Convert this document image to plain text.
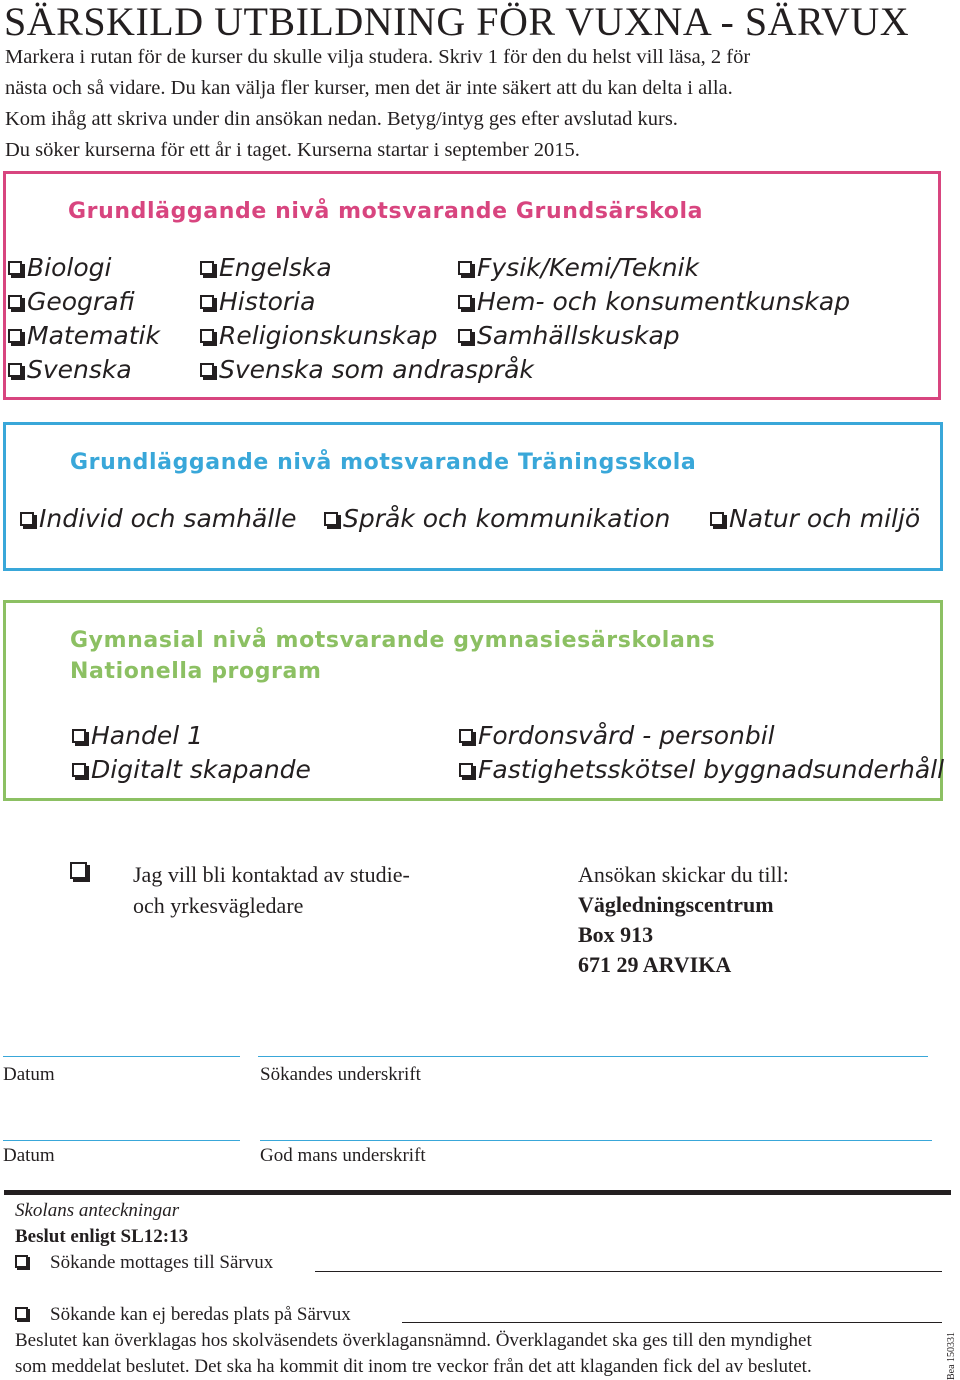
SÄRSKILD UTBILDNING FÖR VUXNA - SÄRVUX
Markera i rutan för de kurser du skulle vilja studera. Skriv 1 för den du helst vill läsa, 2 för
nästa och så vidare. Du kan välja fler kurser, men det är inte säkert att du kan delta i alla.
Kom ihåg att skriva under din ansökan nedan. Betyg/intyg ges efter avslutad kurs.
Du söker kurserna för ett år i taget. Kurserna startar i september 2015.
Grundläggande nivå motsvarande Grundsärskola
Biologi	Engelska	Fysik/Kemi/Teknik
Geografi	Historia	Hem- och konsumentkunskap
Matematik	Religionskunskap	Samhällskuskap
Svenska	Svenska som andraspråk
Grundläggande nivå motsvarande Träningsskola
Individ och samhälle	Språk och kommunikation	Natur och miljö
Gymnasial nivå motsvarande gymnasiesärskolans
Nationella program
Handel 1	Fordonsvård - personbil
Digitalt skapande	Fastighetsskötsel byggnadsunderhåll
Jag vill bli kontaktad av studie-
och yrkesvägledare
Ansökan skickar du till:
Vägledningscentrum
Box 913
671 29 ARVIKA
Datum	Sökandes underskrift
Datum	God mans underskrift
Skolans anteckningar
Beslut enligt SL12:13
Sökande mottages till Särvux
Sökande kan ej beredas plats på Särvux
Beslutet kan överklagas hos skolväsendets överklagansnämnd. Överklagandet ska ges till den myndighet
som meddelat beslutet. Det ska ha kommit dit inom tre veckor från det att klaganden fick del av beslutet.	Bea 150331
